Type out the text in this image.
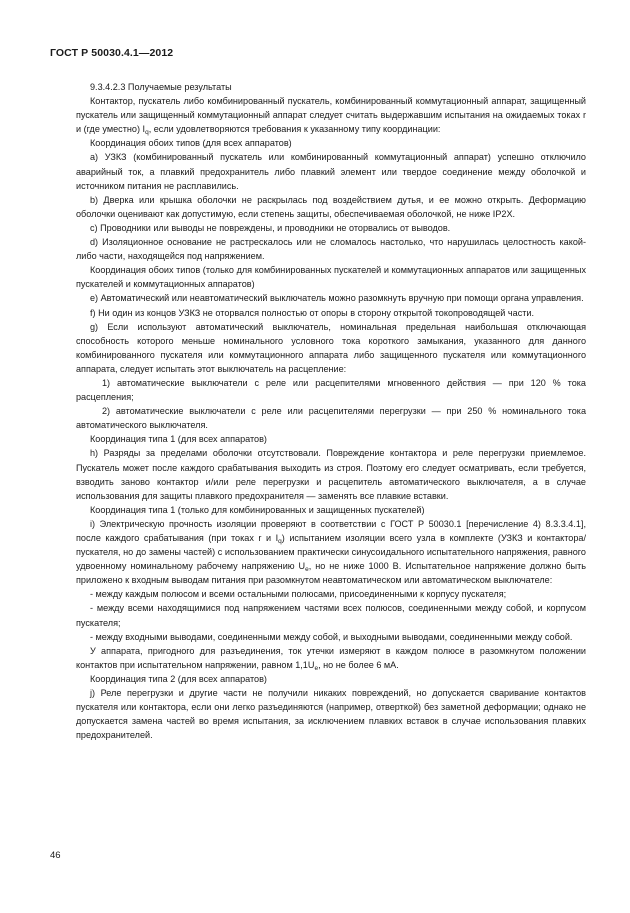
ГОСТ Р 50030.4.1—2012

9.3.4.2.3 Получаемые результаты

Контактор, пускатель либо комбинированный пускатель, комбинированный коммутационный аппарат, защищенный пускатель или защищенный коммутационный аппарат следует считать выдержавшим испытания на ожидаемых токах r и (где уместно) $I_q$, если удовлетворяются требования к указанному типу координации:

Координация обоих типов (для всех аппаратов)

a) УЗКЗ (комбинированный пускатель или комбинированный коммутационный аппарат) успешно отключило аварийный ток, а плавкий предохранитель либо плавкий элемент или твердое соединение между оболочкой и источником питания не расплавились.

b) Дверка или крышка оболочки не раскрылась под воздействием дутья, и ее можно открыть. Деформацию оболочки оценивают как допустимую, если степень защиты, обеспечиваемая оболочкой, не ниже IP2X.

c) Проводники или выводы не повреждены, и проводники не оторвались от выводов.

d) Изоляционное основание не растрескалось или не сломалось настолько, что нарушилась целостность какой-либо части, находящейся под напряжением.

Координация обоих типов (только для комбинированных пускателей и коммутационных аппаратов или защищенных пускателей и коммутационных аппаратов)

e) Автоматический или неавтоматический выключатель можно разомкнуть вручную при помощи органа управления.

f) Ни один из концов УЗКЗ не оторвался полностью от опоры в сторону открытой токопроводящей части.

g) Если используют автоматический выключатель, номинальная предельная наибольшая отключающая способность которого меньше номинального условного тока короткого замыкания, указанного для данного комбинированного пускателя или коммутационного аппарата либо защищенного пускателя или коммутационного аппарата, следует испытать этот выключатель на расцепление:

1) автоматические выключатели с реле или расцепителями мгновенного действия — при 120 % тока расцепления;

2) автоматические выключатели с реле или расцепителями перегрузки — при 250 % номинального тока автоматического выключателя.

Координация типа 1 (для всех аппаратов)

h) Разряды за пределами оболочки отсутствовали. Повреждение контактора и реле перегрузки приемлемое. Пускатель может после каждого срабатывания выходить из строя. Поэтому его следует осматривать, если требуется, взводить заново контактор и/или реле перегрузки и расцепитель автоматического выключателя, а в случае использования для защиты плавкого предохранителя — заменять все плавкие вставки.

Координация типа 1 (только для комбинированных и защищенных пускателей)

i) Электрическую прочность изоляции проверяют в соответствии с ГОСТ Р 50030.1 [перечисление 4) 8.3.3.4.1], после каждого срабатывания (при токах r и $I_q$) испытанием изоляции всего узла в комплекте (УЗКЗ и контактора/пускателя, но до замены частей) с использованием практически синусоидального испытательного напряжения, равного удвоенному номинальному рабочему напряжению $U_e$, но не ниже 1000 В. Испытательное напряжение должно быть приложено к входным выводам питания при разомкнутом неавтоматическом или автоматическом выключателе:

- между каждым полюсом и всеми остальными полюсами, присоединенными к корпусу пускателя;

- между всеми находящимися под напряжением частями всех полюсов, соединенными между собой, и корпусом пускателя;

- между входными выводами, соединенными между собой, и выходными выводами, соединенными между собой.

У аппарата, пригодного для разъединения, ток утечки измеряют в каждом полюсе в разомкнутом положении контактов при испытательном напряжении, равном $1,1U_e$, но не более 6 мА.

Координация типа 2 (для всех аппаратов)

j) Реле перегрузки и другие части не получили никаких повреждений, но допускается сваривание контактов пускателя или контактора, если они легко разъединяются (например, отверткой) без заметной деформации; однако не допускается замена частей во время испытания, за исключением плавких вставок в случае использования плавких предохранителей.

46
